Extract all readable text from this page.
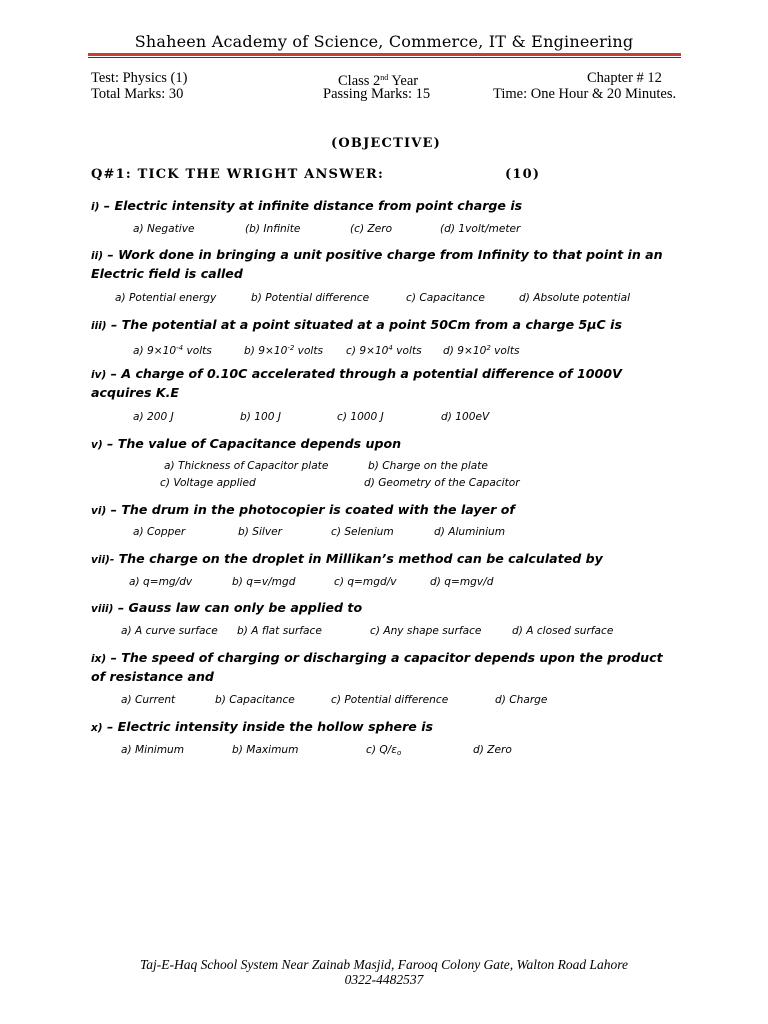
Shaheen Academy of Science, Commerce, IT & Engineering
Test: Physics (1)	Class 2nd Year	Chapter # 12
Total Marks: 30	Passing Marks: 15	Time: One Hour & 20 Minutes.
(OBJECTIVE)
Q#1: TICK THE WRIGHT ANSWER:	(10)
i) – Electric intensity at infinite distance from point charge is
a) Negative	(b) Infinite	(c) Zero	(d) 1volt/meter
ii) – Work done in bringing a unit positive charge from Infinity to that point in an
Electric field is called
a) Potential energy	b) Potential difference	c) Capacitance	d) Absolute potential
iii) – The potential at a point situated at a point 50Cm from a charge 5µC is
a) $9\times 10^{-4}$ volts	b) $9\times 10^{-2}$ volts c) $9\times 10^4$ volts d) $9\times 10^2$ volts
iv) – A charge of 0.10C accelerated through a potential difference of 1000V
acquires K.E
a) 200 J	b) 100 J	c) 1000 J	d) 100eV
v) – The value of Capacitance depends upon
a) Thickness of Capacitor plate	b) Charge on the plate
c) Voltage applied	d) Geometry of the Capacitor
vi) – The drum in the photocopier is coated with the layer of
a) Copper	b) Silver	c) Selenium	d) Aluminium
vii)- The charge on the droplet in Millikan’s method can be calculated by
a) q=mg/dv	b) q=v/mgd	c) q=mgd/v	d) q=mgv/d
viii) – Gauss law can only be applied to
a) A curve surface b) A flat surface	c) Any shape surface	d) A closed surface
ix) – The speed of charging or discharging a capacitor depends upon the product
of resistance and
a) Current	b) Capacitance	c) Potential difference	d) Charge
x) – Electric intensity inside the hollow sphere is
a) Minimum	b) Maximum	c) $Q/\varepsilon_o$	d) Zero
Taj-E-Haq School System Near Zainab Masjid, Farooq Colony Gate, Walton Road Lahore
0322-4482537
